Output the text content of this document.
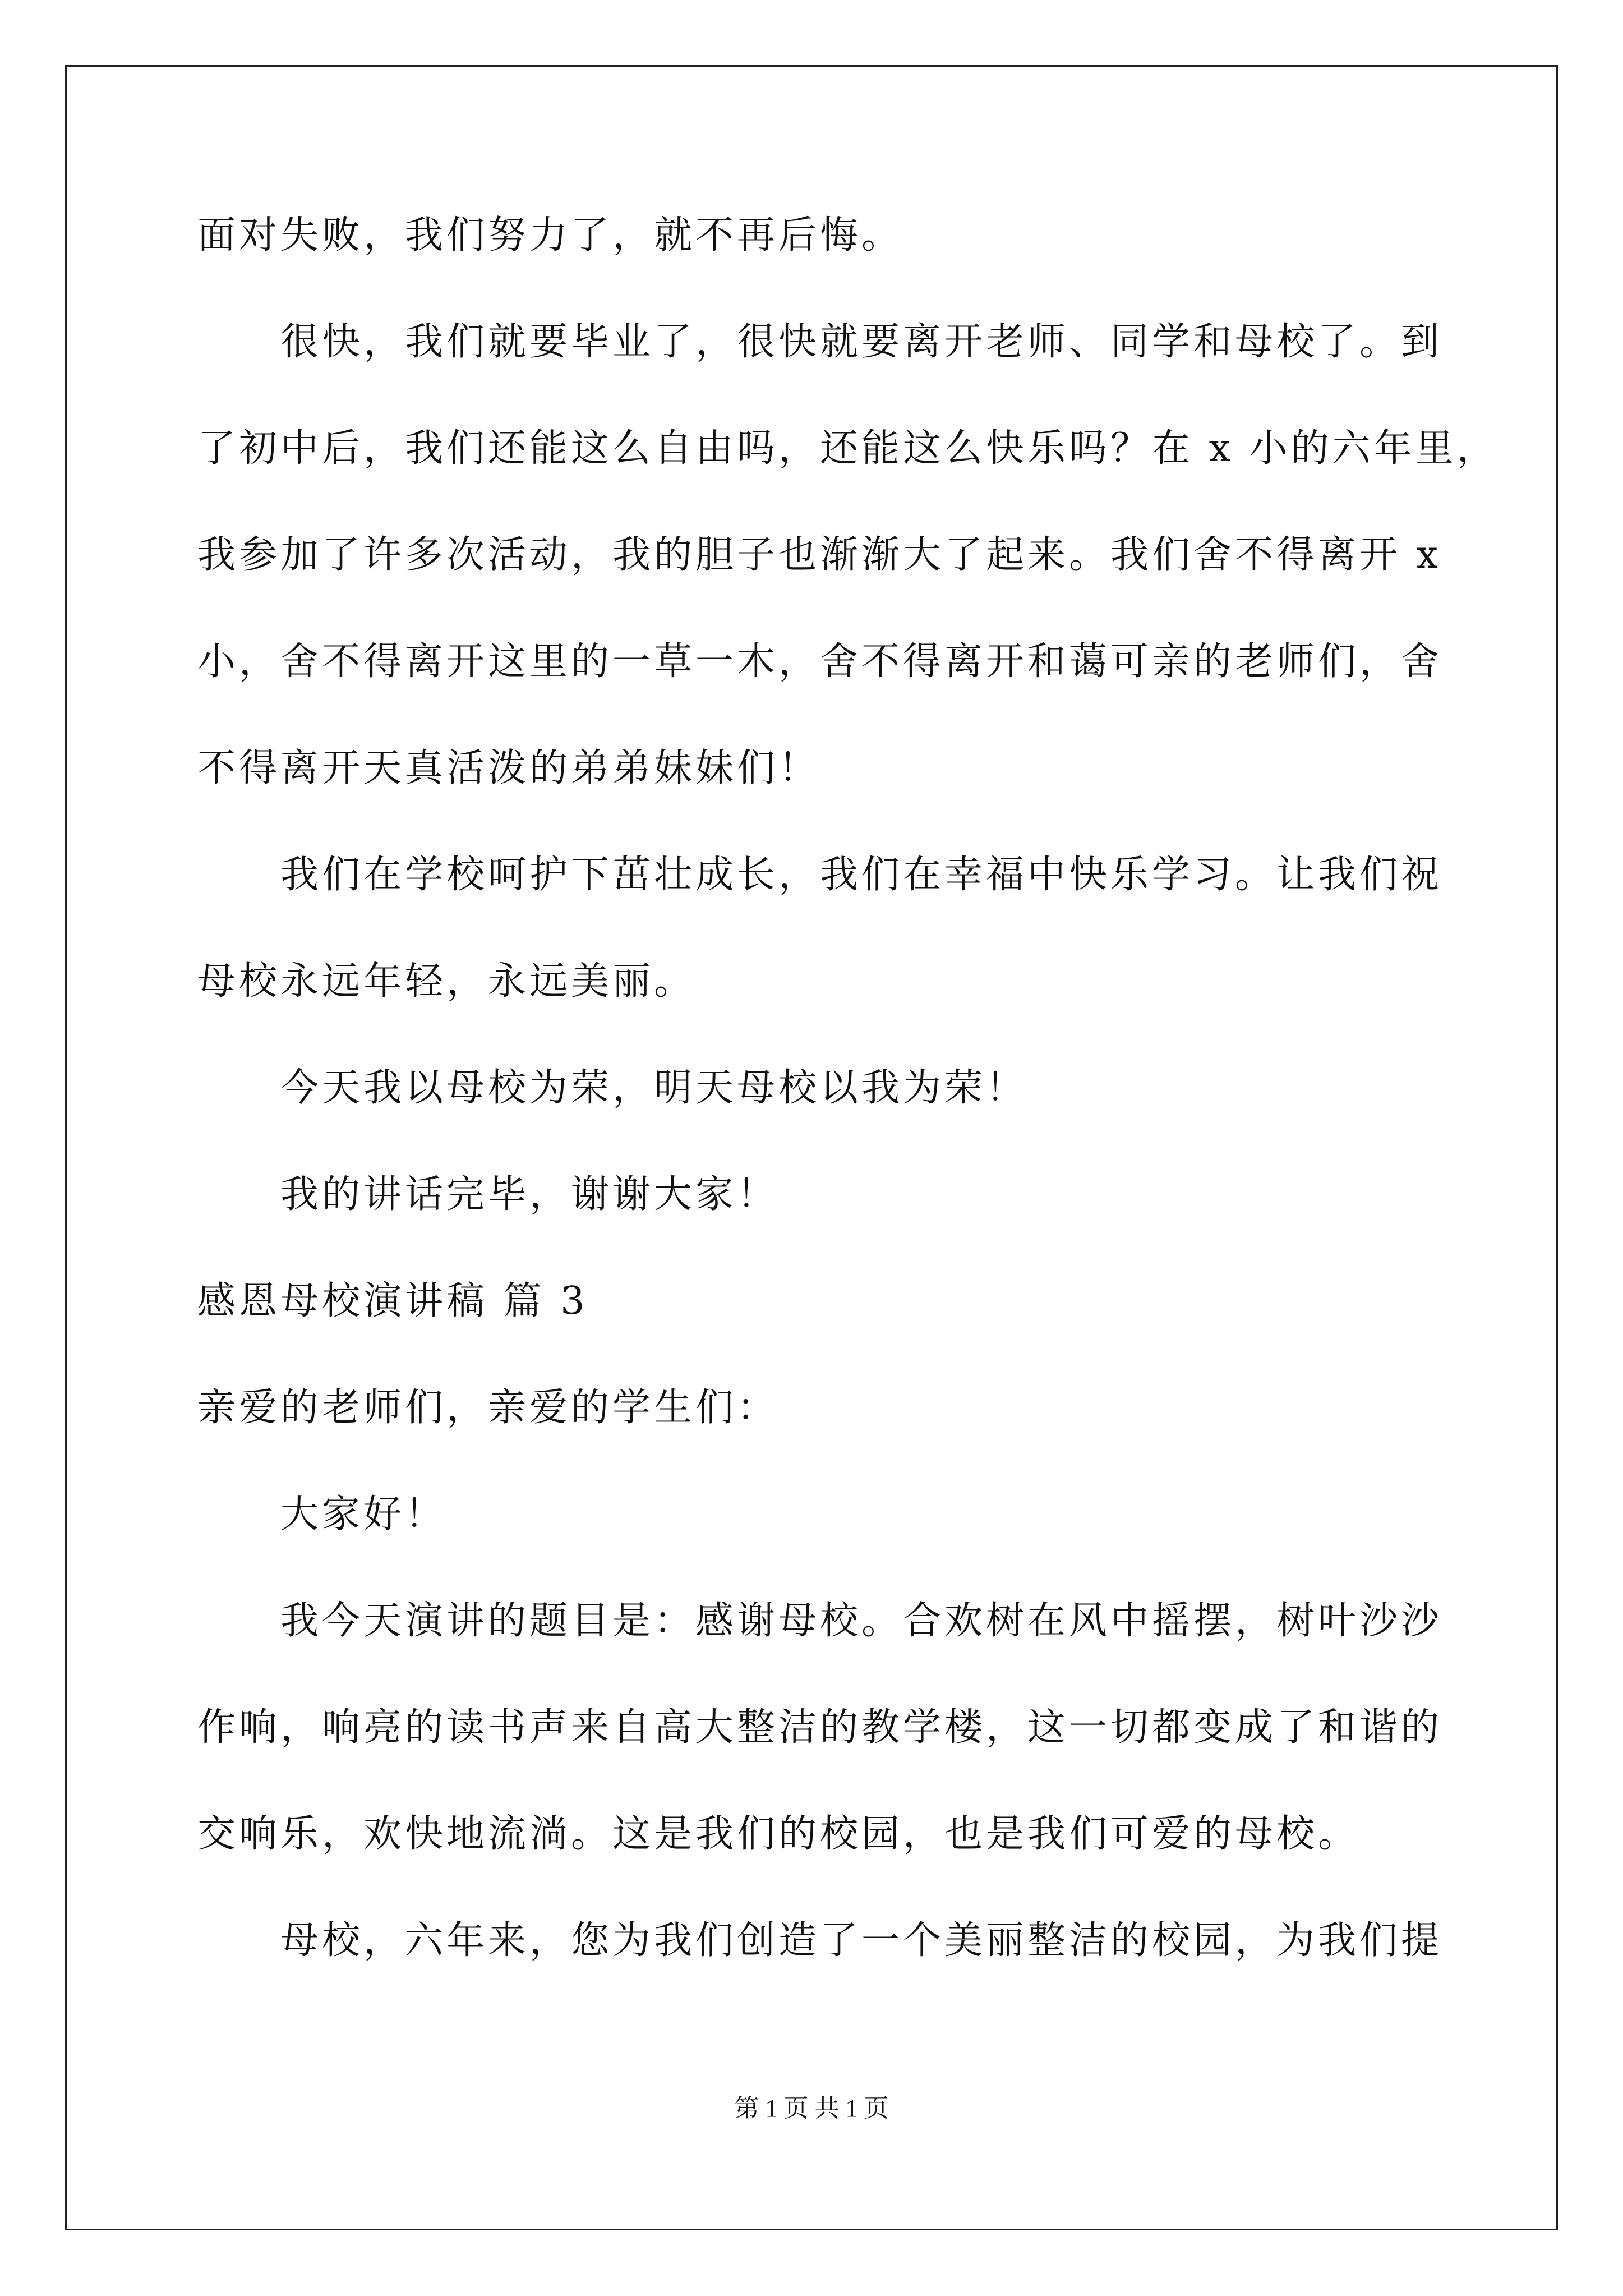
面对失败，我们努力了，就不再后悔。
很快，我们就要毕业了，很快就要离开老师、同学和母校了。到
了初中后，我们还能这么自由吗，还能这么快乐吗？在 x 小的六年里，
我参加了许多次活动，我的胆子也渐渐大了起来。我们舍不得离开 x
小，舍不得离开这里的一草一木，舍不得离开和蔼可亲的老师们，舍
不得离开天真活泼的弟弟妹妹们！
我们在学校呵护下茁壮成长，我们在幸福中快乐学习。让我们祝
母校永远年轻，永远美丽。
今天我以母校为荣，明天母校以我为荣！
我的讲话完毕，谢谢大家！
感恩母校演讲稿 篇 3
亲爱的老师们，亲爱的学生们：
大家好！
我今天演讲的题目是：感谢母校。合欢树在风中摇摆，树叶沙沙
作响，响亮的读书声来自高大整洁的教学楼，这一切都变成了和谐的
交响乐，欢快地流淌。这是我们的校园，也是我们可爱的母校。
母校，六年来，您为我们创造了一个美丽整洁的校园，为我们提
第 1 页 共 1 页
